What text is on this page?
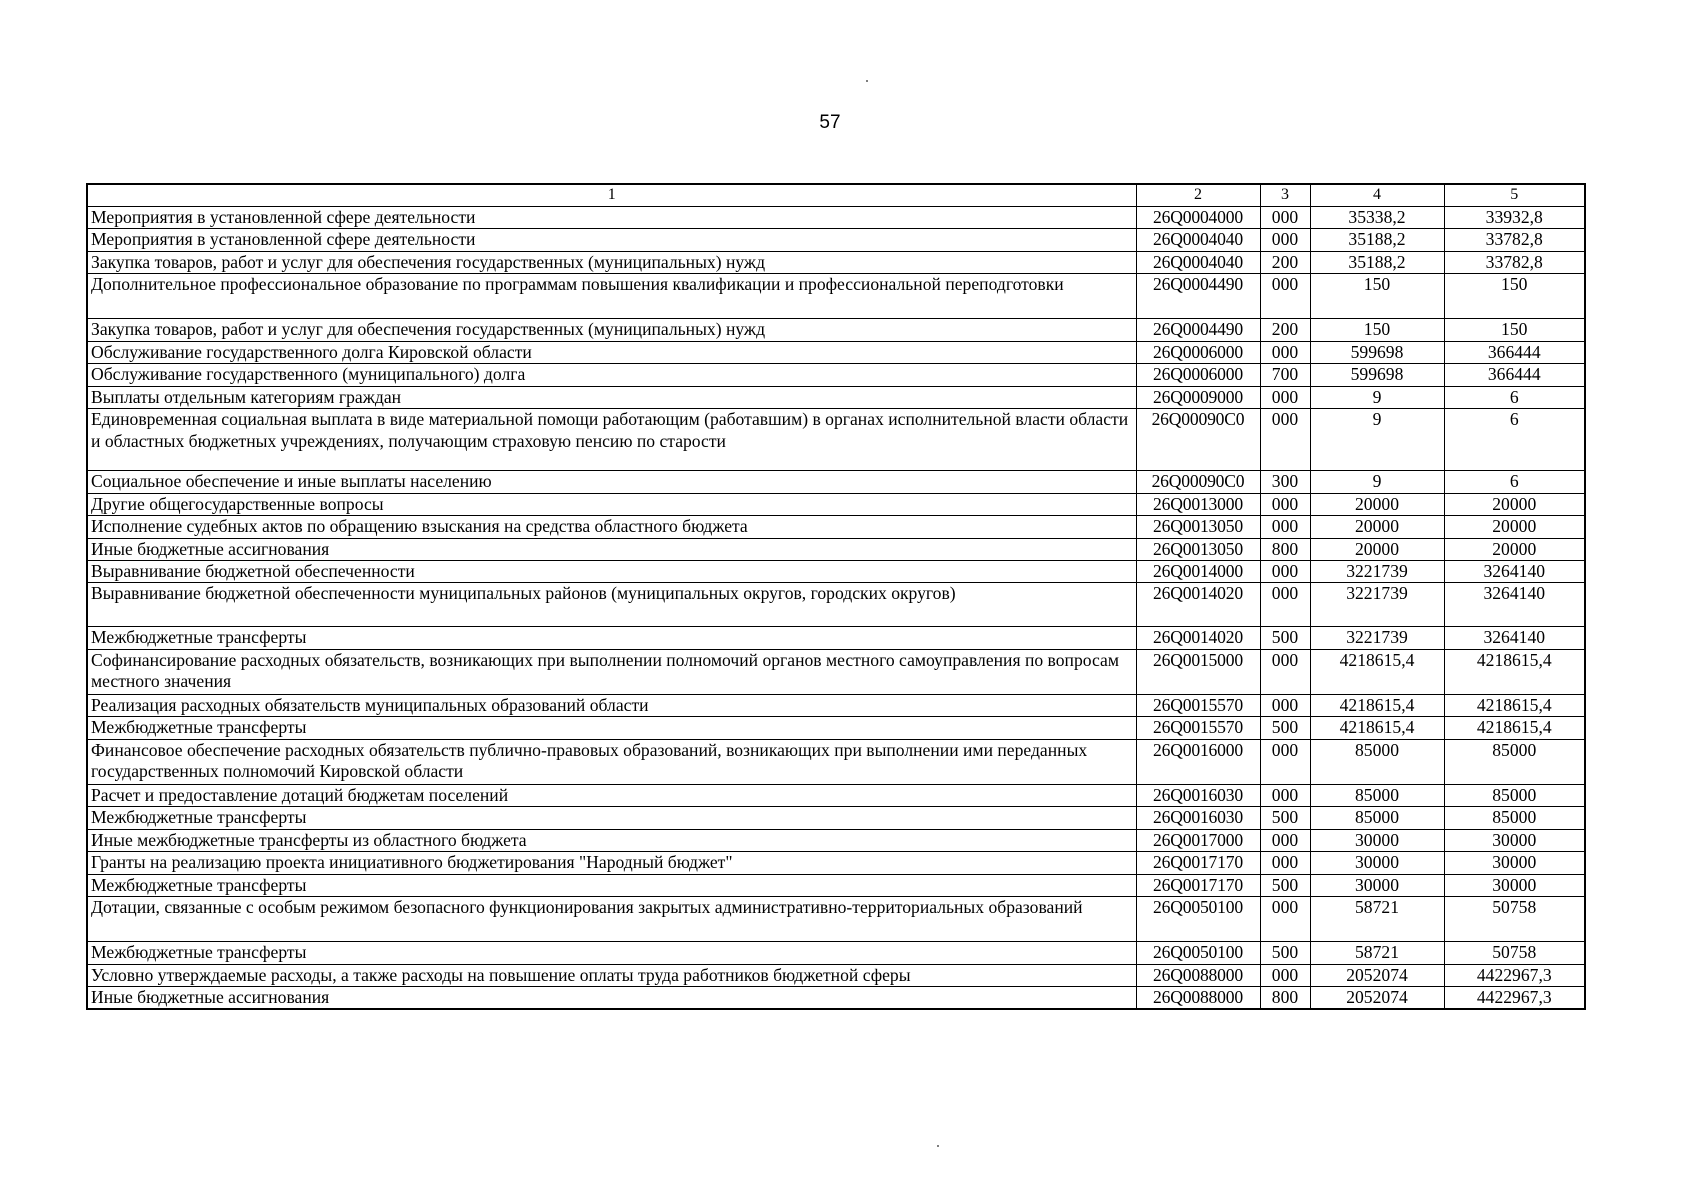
57
1	2	3	4	5
Мероприятия в установленной сфере деятельности	26Q0004000	000	35338,2	33932,8
Мероприятия в установленной сфере деятельности	26Q0004040	000	35188,2	33782,8
Закупка товаров, работ и услуг для обеспечения государственных (муниципальных) нужд	26Q0004040	200	35188,2	33782,8
Дополнительное профессиональное образование по программам повышения квалификации и профессиональной переподготовки	26Q0004490	000	150	150
Закупка товаров, работ и услуг для обеспечения государственных (муниципальных) нужд	26Q0004490	200	150	150
Обслуживание государственного долга Кировской области	26Q0006000	000	599698	366444
Обслуживание государственного (муниципального) долга	26Q0006000	700	599698	366444
Выплаты отдельным категориям граждан	26Q0009000	000	9	6
Единовременная социальная выплата в виде материальной помощи работающим (работавшим) в органах исполнительной власти области и областных бюджетных учреждениях, получающим страховую пенсию по старости	26Q00090C0	000	9	6
Социальное обеспечение и иные выплаты населению	26Q00090C0	300	9	6
Другие общегосударственные вопросы	26Q0013000	000	20000	20000
Исполнение судебных актов по обращению взыскания на средства областного бюджета	26Q0013050	000	20000	20000
Иные бюджетные ассигнования	26Q0013050	800	20000	20000
Выравнивание бюджетной обеспеченности	26Q0014000	000	3221739	3264140
Выравнивание бюджетной обеспеченности муниципальных районов (муниципальных округов, городских округов)	26Q0014020	000	3221739	3264140
Межбюджетные трансферты	26Q0014020	500	3221739	3264140
Софинансирование расходных обязательств, возникающих при выполнении полномочий органов местного самоуправления по вопросам местного значения	26Q0015000	000	4218615,4	4218615,4
Реализация расходных обязательств муниципальных образований области	26Q0015570	000	4218615,4	4218615,4
Межбюджетные трансферты	26Q0015570	500	4218615,4	4218615,4
Финансовое обеспечение расходных обязательств публично-правовых образований, возникающих при выполнении ими переданных государственных полномочий Кировской области	26Q0016000	000	85000	85000
Расчет и предоставление дотаций бюджетам поселений	26Q0016030	000	85000	85000
Межбюджетные трансферты	26Q0016030	500	85000	85000
Иные межбюджетные трансферты из областного бюджета	26Q0017000	000	30000	30000
Гранты на реализацию проекта инициативного бюджетирования "Народный бюджет"	26Q0017170	000	30000	30000
Межбюджетные трансферты	26Q0017170	500	30000	30000
Дотации, связанные с особым режимом безопасного функционирования закрытых административно-территориальных образований	26Q0050100	000	58721	50758
Межбюджетные трансферты	26Q0050100	500	58721	50758
Условно утверждаемые расходы, а также расходы на повышение оплаты труда работников бюджетной сферы	26Q0088000	000	2052074	4422967,3
Иные бюджетные ассигнования	26Q0088000	800	2052074	4422967,3
